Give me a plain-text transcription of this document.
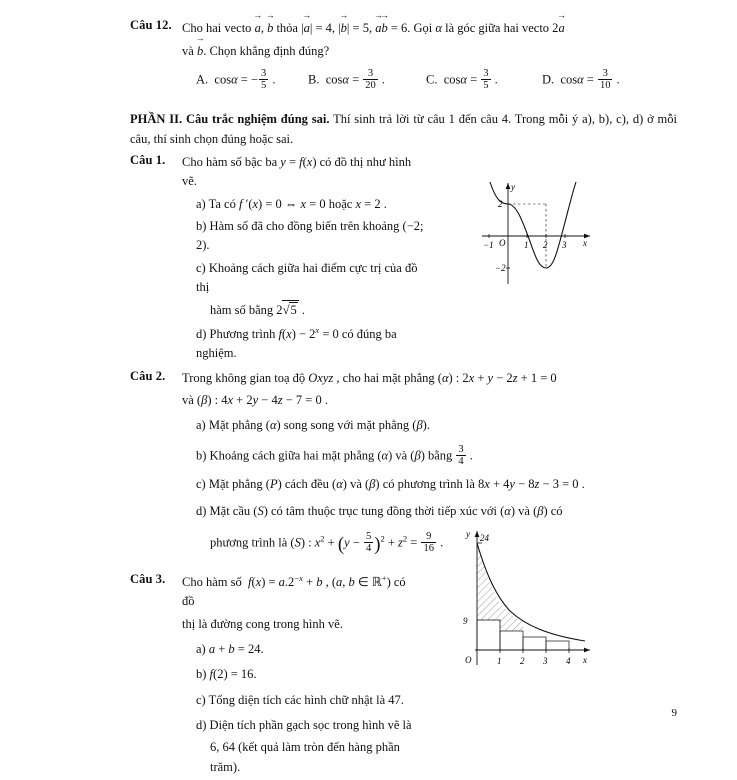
Câu 12. Cho hai vecto a →, b → thỏa |a →| = 4, |b →| = 5, a →b → = 6. Gọi α là góc giữa hai vecto 2a →
và b →. Chọn khẳng định đúng?
A.  cosα = − $\frac{3}{5}$ .	B.  $\cos\alpha = \frac{3}{20}$ .	C.  $\cos\alpha = \frac{3}{5}$ .	D.  $\cos\alpha = \frac{3}{10}$ .
PHẦN II. Câu trắc nghiệm đúng sai. Thí sinh trả lời từ câu 1 đến câu 4. Trong mỗi ý a), b), c), d) ở mỗi câu, thí sinh chọn đúng hoặc sai.
Câu 1.	Cho hàm số bậc ba y = f(x) có đồ thị như hình vẽ.
a) Ta có f ′(x) = 0 ⇔ x = 0 hoặc x = 2 .
b) Hàm số đã cho đồng biến trên khoảng (−2; 2).
c) Khoảng cách giữa hai điểm cực trị của đồ thị
hàm số bằng 2√5 .
d) Phương trình $f(x) - 2^x = 0$ có đúng ba nghiệm.
Câu 2.	Trong không gian toạ độ Oxyz , cho hai mặt phẳng (α) : 2x + y − 2z + 1 = 0
và (β) : 4x + 2y − 4z − 7 = 0 .
a) Mặt phẳng (α) song song với mặt phẳng (β).
b) Khoảng cách giữa hai mặt phẳng (α) và (β) bằng $\frac{3}{4}$ .
c) Mặt phẳng (P) cách đều (α) và (β) có phương trình là 8x + 4y − 8z − 3 = 0 .
d) Mặt cầu (S) có tâm thuộc trục tung đồng thời tiếp xúc với (α) và (β) có
phương trình là (S) : $x^2 + (y - \frac{5}{4} )^2 + z^2 = \frac{9}{16}$ .
Câu 3.	Cho hàm số  $f(x) = a.2^{-x} + b$ , (a, b ∈ ℝ+) có đồ
thị là đường cong trong hình vẽ.
a) a + b = 24.
b) f(2) = 16.
c) Tổng diện tích các hình chữ nhật là 47.
d) Diện tích phần gạch sọc trong hình vẽ là
6, 64 (kết quả làm tròn đến hàng phần trăm).
−1	1 2 3
O
2
−2
y
x
24
9
O	1 2 3 4
y
x
9
